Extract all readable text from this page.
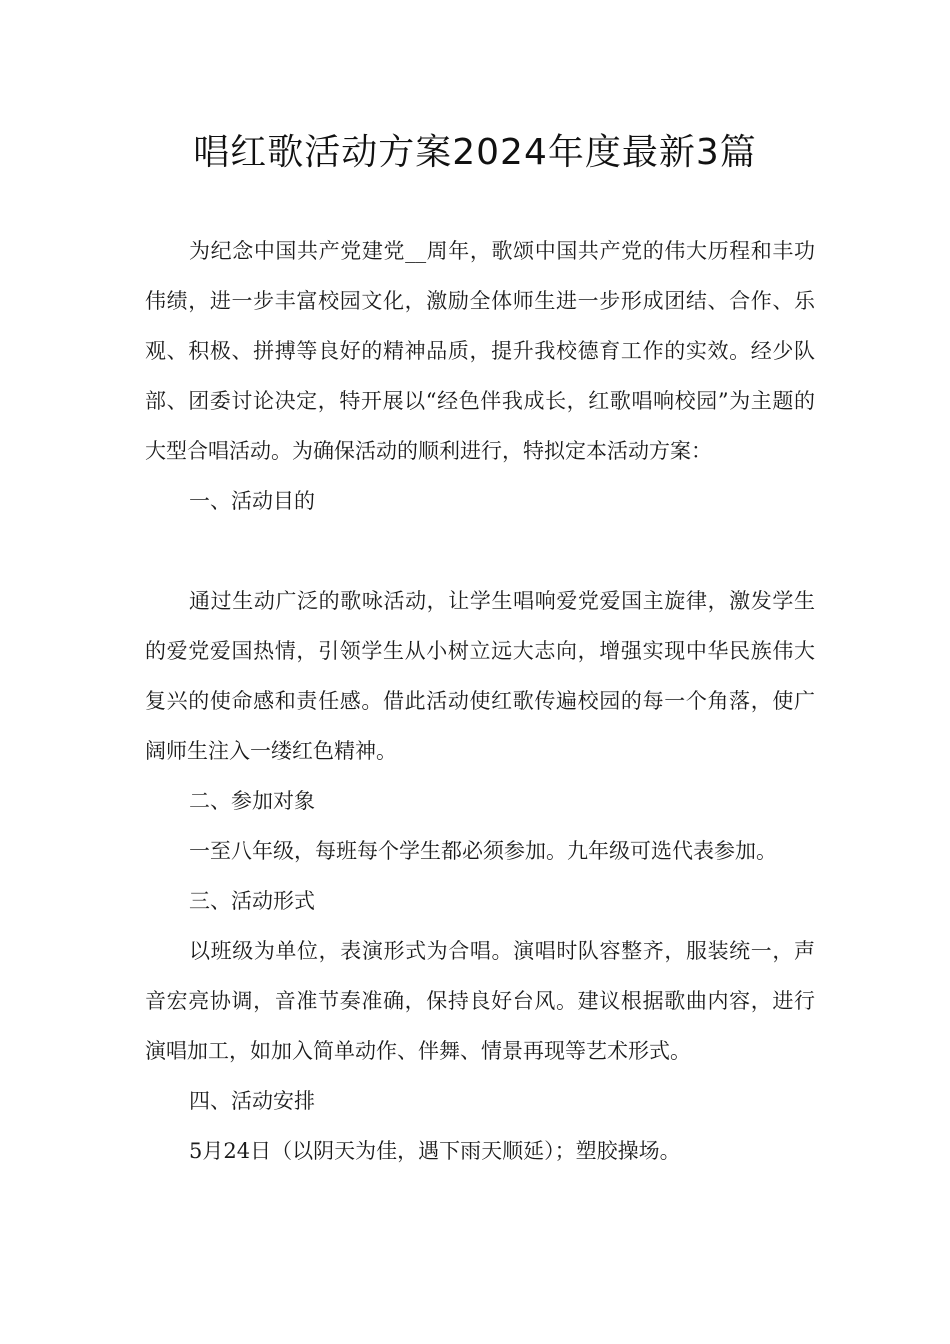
唱红歌活动方案2024年度最新3篇

为纪念中国共产党建党__周年，歌颂中国共产党的伟大历程和丰功伟绩，进一步丰富校园文化，激励全体师生进一步形成团结、合作、乐观、积极、拼搏等良好的精神品质，提升我校德育工作的实效。经少队部、团委讨论决定，特开展以“经色伴我成长，红歌唱响校园”为主题的大型合唱活动。为确保活动的顺利进行，特拟定本活动方案：

一、活动目的

通过生动广泛的歌咏活动，让学生唱响爱党爱国主旋律，激发学生的爱党爱国热情，引领学生从小树立远大志向，增强实现中华民族伟大复兴的使命感和责任感。借此活动使红歌传遍校园的每一个角落，使广阔师生注入一缕红色精神。

二、参加对象

一至八年级，每班每个学生都必须参加。九年级可选代表参加。

三、活动形式

以班级为单位，表演形式为合唱。演唱时队容整齐，服装统一，声音宏亮协调，音准节奏准确，保持良好台风。建议根据歌曲内容，进行演唱加工，如加入简单动作、伴舞、情景再现等艺术形式。

四、活动安排

5月24日（以阴天为佳，遇下雨天顺延）；塑胶操场。
